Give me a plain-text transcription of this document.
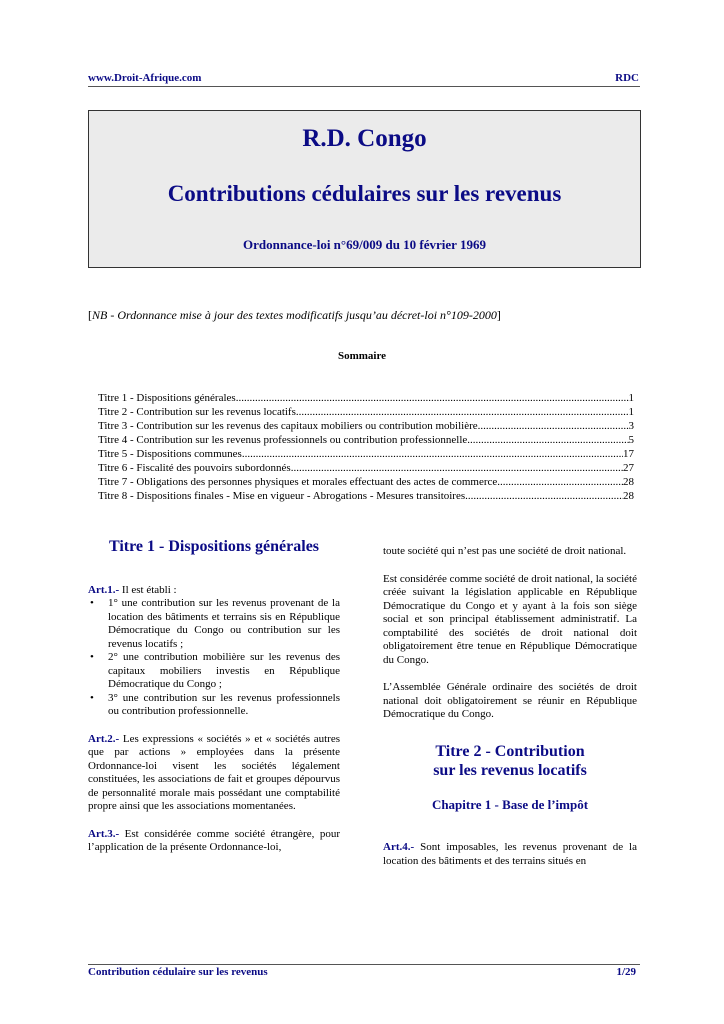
www.Droit-Afrique.com	RDC
R.D. Congo
Contributions cédulaires sur les revenus
Ordonnance-loi n°69/009 du 10 février 1969
[NB - Ordonnance mise à jour des textes modificatifs jusqu’au décret-loi n°109-2000]
Sommaire
Titre 1 - Dispositions générales .....	1
Titre 2 - Contribution sur les revenus locatifs .....	1
Titre 3 - Contribution sur les revenus des capitaux mobiliers ou contribution mobilière .....	3
Titre 4 - Contribution sur les revenus professionnels ou contribution professionnelle .....	5
Titre 5 - Dispositions communes .....	17
Titre 6 - Fiscalité des pouvoirs subordonnés .....	27
Titre 7 - Obligations des personnes physiques et morales effectuant des actes de commerce .....	28
Titre 8 - Dispositions finales - Mise en vigueur - Abrogations - Mesures transitoires .....	28
Titre 1 - Dispositions générales

Art.1.- Il est établi :

• 1° une contribution sur les revenus provenant de la location des bâtiments et terrains sis en République Démocratique du Congo ou contribution sur les revenus locatifs ;
• 2° une contribution mobilière sur les revenus des capitaux mobiliers investis en République Démocratique du Congo ;
• 3° une contribution sur les revenus professionnels ou contribution professionnelle.

Art.2.- Les expressions « sociétés » et « sociétés autres que par actions » employées dans la présente Ordonnance-loi visent les sociétés légalement constituées, les associations de fait et groupes dépourvus de personnalité morale mais possédant une comptabilité propre ainsi que les associations momentanées.

Art.3.- Est considérée comme société étrangère, pour l’application de la présente Ordonnance-loi,

toute société qui n’est pas une société de droit national.

Est considérée comme société de droit national, la société créée suivant la législation applicable en République Démocratique du Congo et y ayant à la fois son siège social et son principal établissement administratif. La comptabilité des sociétés de droit national doit obligatoirement être tenue en République Démocratique du Congo.

L’Assemblée Générale ordinaire des sociétés de droit national doit obligatoirement se réunir en République Démocratique du Congo.

Titre 2 - Contribution
sur les revenus locatifs
Chapitre 1 - Base de l’impôt

Art.4.- Sont imposables, les revenus provenant de la location des bâtiments et des terrains situés en

Contribution cédulaire sur les revenus	1/29
